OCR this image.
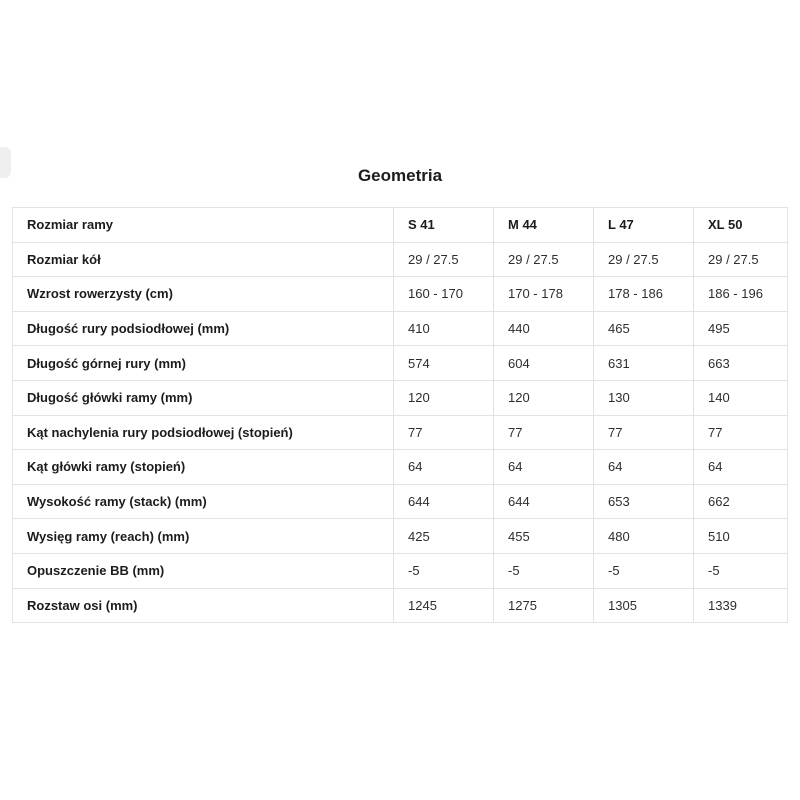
Geometria
Rozmiar ramy	S 41	M 44	L 47	XL 50
Rozmiar kół	29 / 27.5	29 / 27.5	29 / 27.5	29 / 27.5
Wzrost rowerzysty (cm)	160 - 170	170 - 178	178 - 186	186 - 196
Długość rury podsiodłowej (mm)	410	440	465	495
Długość górnej rury (mm)	574	604	631	663
Długość główki ramy (mm)	120	120	130	140
Kąt nachylenia rury podsiodłowej (stopień)	77	77	77	77
Kąt główki ramy (stopień)	64	64	64	64
Wysokość ramy (stack) (mm)	644	644	653	662
Wysięg ramy (reach) (mm)	425	455	480	510
Opuszczenie BB (mm)	-5	-5	-5	-5
Rozstaw osi (mm)	1245	1275	1305	1339
